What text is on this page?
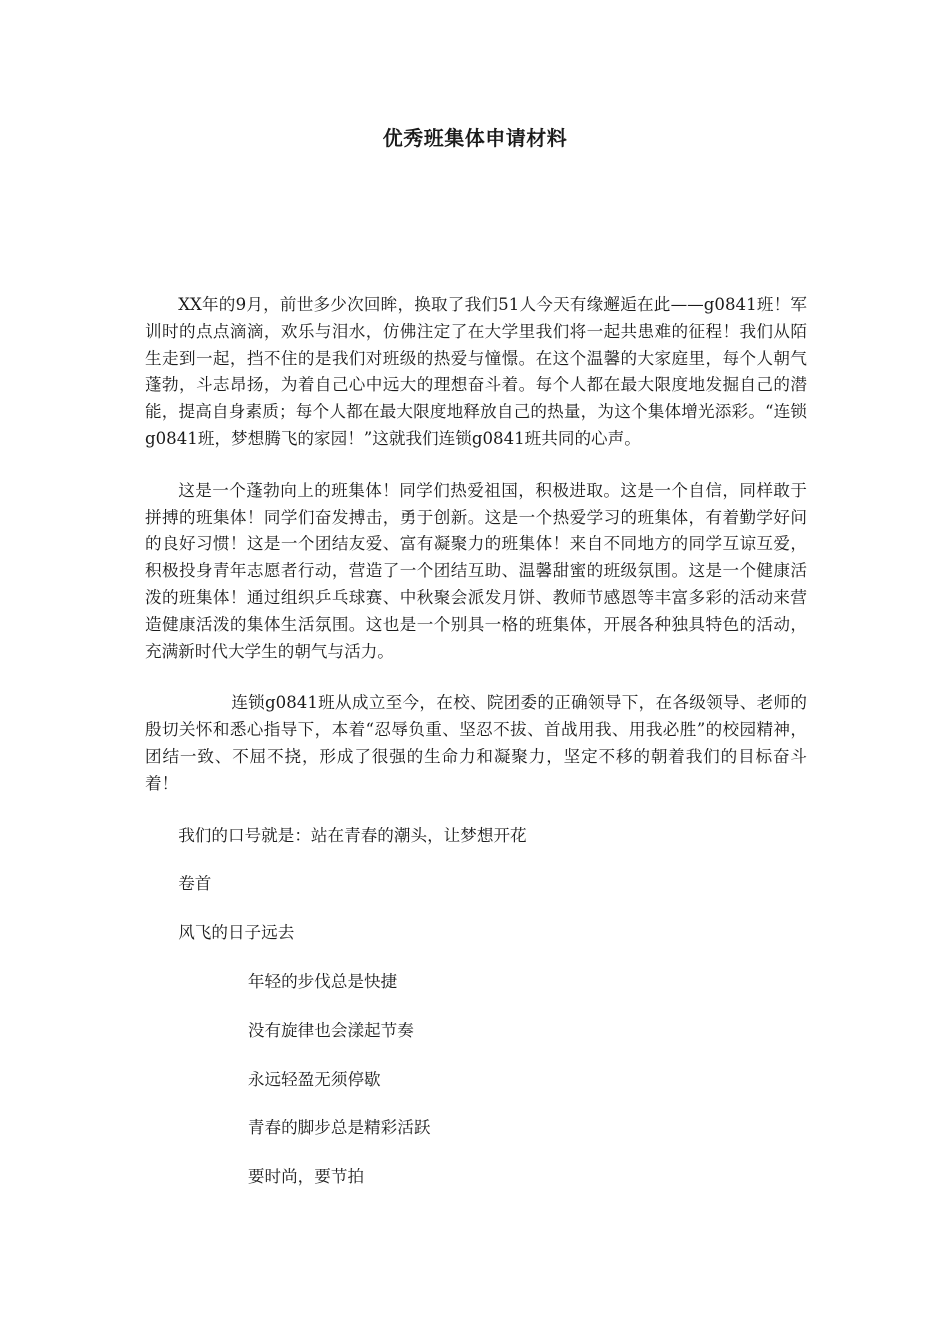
优秀班集体申请材料

XX年的9月，前世多少次回眸，换取了我们51人今天有缘邂逅在此——g0841班！军训时的点点滴滴，欢乐与泪水，仿佛注定了在大学里我们将一起共患难的征程！我们从陌生走到一起，挡不住的是我们对班级的热爱与憧憬。在这个温馨的大家庭里，每个人朝气蓬勃，斗志昂扬，为着自己心中远大的理想奋斗着。每个人都在最大限度地发掘自己的潜能，提高自身素质；每个人都在最大限度地释放自己的热量，为这个集体增光添彩。“连锁g0841班，梦想腾飞的家园！”这就我们连锁g0841班共同的心声。

这是一个蓬勃向上的班集体！同学们热爱祖国，积极进取。这是一个自信，同样敢于拼搏的班集体！同学们奋发搏击，勇于创新。这是一个热爱学习的班集体，有着勤学好问的良好习惯！这是一个团结友爱、富有凝聚力的班集体！来自不同地方的同学互谅互爱，积极投身青年志愿者行动，营造了一个团结互助、温馨甜蜜的班级氛围。这是一个健康活泼的班集体！通过组织乒乓球赛、中秋聚会派发月饼、教师节感恩等丰富多彩的活动来营造健康活泼的集体生活氛围。这也是一个别具一格的班集体，开展各种独具特色的活动，充满新时代大学生的朝气与活力。

连锁g0841班从成立至今，在校、院团委的正确领导下，在各级领导、老师的殷切关怀和悉心指导下，本着“忍辱负重、坚忍不拔、首战用我、用我必胜”的校园精神，团结一致、不屈不挠，形成了很强的生命力和凝聚力，坚定不移的朝着我们的目标奋斗着！

我们的口号就是：站在青春的潮头，让梦想开花
卷首
风飞的日子远去
年轻的步伐总是快捷
没有旋律也会漾起节奏
永远轻盈无须停歇
青春的脚步总是精彩活跃
要时尚，要节拍
